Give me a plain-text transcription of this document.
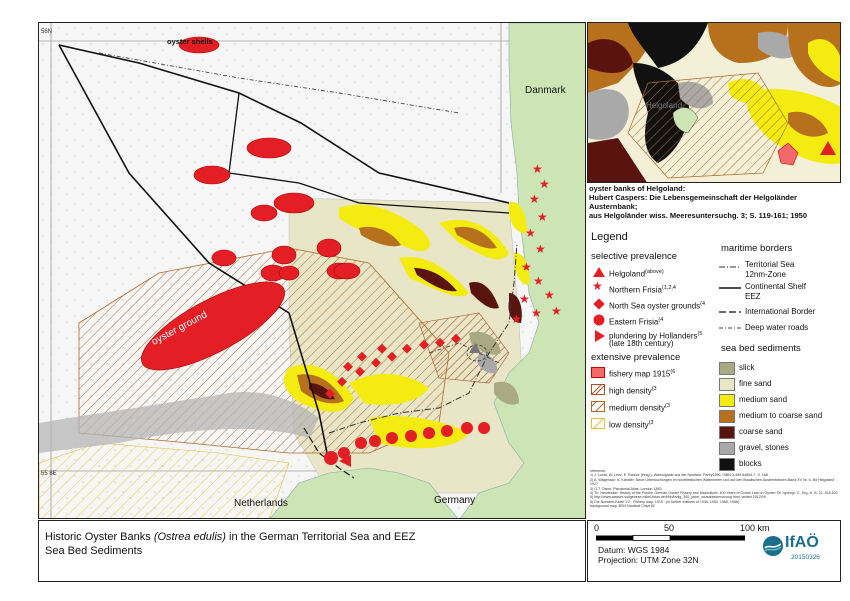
★
★
★
★
★
★
★
★
★
★
★ ★
★
Danmark
Germany
Netherlands
oyster shells
oyster ground
56N
55 8E
Helgoland
oyster banks of Helgoland:
Hubert Caspers: Die Lebensgemeinschaft der Helgoländer Austernbank;
aus Helgoländer wiss. Meeresuntersuchg. 3; S. 119-161; 1950
Legend
selective prevalence
Helgoland$^{(above)}$
★ Northern Frisia$^{(1,2,4}$
North Sea oyster grounds$^{(4}$
Eastern Frisia$^{(4}$
plundering by Hollanders$^{(5}$
(late 18th century)
extensive prevalence
fishery map 1915$^{(6}$
high density$^{(3}$
medium density$^{(3}$
low density$^{(3}$
maritime borders
Territorial Sea
12nm-Zone
Continental Shelf
EEZ
International Border
Deep water roads
sea bed sediments
slick
fine sand
medium sand
medium to coarse sand
coarse sand
gravel, stones
blocks
reference:
1) J. Lucht, W. Lenz, E. Rachor (Hrsg.): Warnsignale aus der Nordsee, Parey1990, ISBN 3-489-64854-7, S. 168
2) A. Wagenaar: N. Kändler: Neue Untersuchungen im nordfriesischen Wattenmeer und auf den fiskalischen Austernbänken,Band XV Nr. 6, Bd Helgoland 1927
3) O.T. Olsen: Piscatorial Atlas, London 1883
4) Th. Neudecker: History of the Former German Oyster Fishery and Mariculture: 400 Years of Crown Law on Oyster; Dt. hydrogr. Z., Erg.-H. B. 22, 518-520
5) http://www.wasser-vollgenese.mikel-fotos.de/Hhh/bvdg_300_jahre_wiusablesenutzung.html, visited 2012/09
6) Die Nordsee-Karte 1:2 - Fishery map. 1915 - (in further editions of 1936, 1953, 1965, 1988)
background map: BSH Nautical Chart 82
Historic Oyster Banks (Ostrea edulis) in the German Territorial Sea and EEZ
Sea Bed Sediments
0	50	100 km
Datum: WGS 1984
Projection: UTM Zone 32N
IfAÖ
20150326
